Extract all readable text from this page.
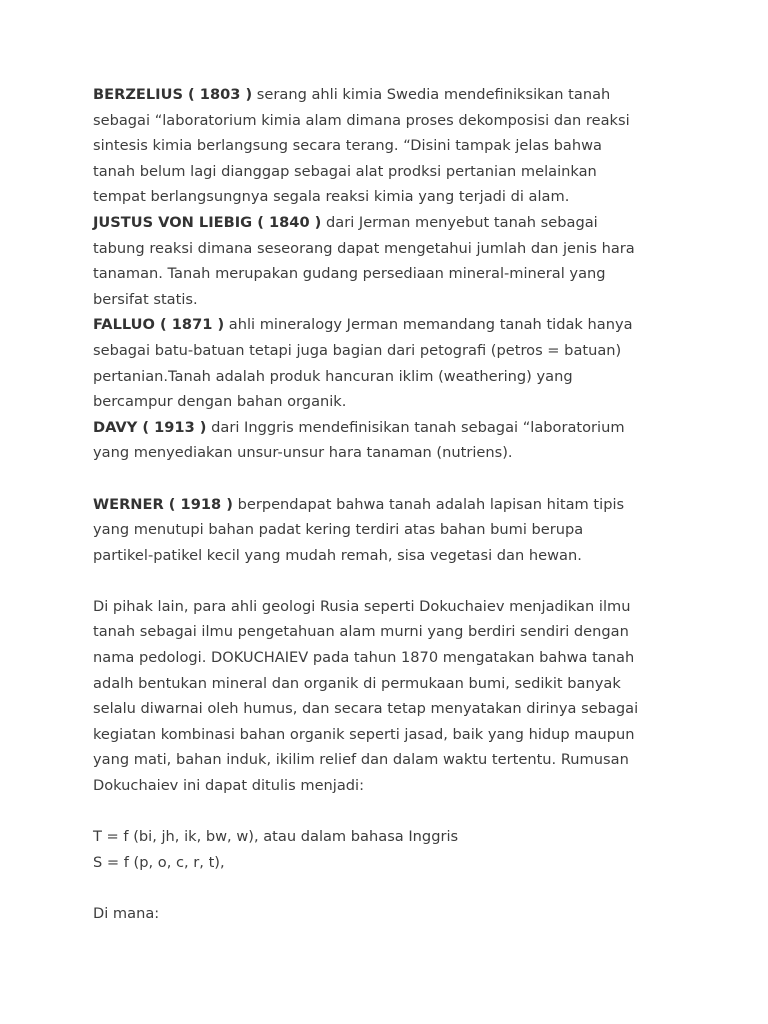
BERZELIUS ( 1803 ) serang ahli kimia Swedia mendefiniksikan tanah
sebagai “laboratorium kimia alam dimana proses dekomposisi dan reaksi
sintesis kimia berlangsung secara terang. “Disini tampak jelas bahwa
tanah belum lagi dianggap sebagai alat prodksi pertanian melainkan
tempat berlangsungnya segala reaksi kimia yang terjadi di alam.
JUSTUS VON LIEBIG ( 1840 ) dari Jerman menyebut tanah sebagai
tabung reaksi dimana seseorang dapat mengetahui jumlah dan jenis hara
tanaman. Tanah merupakan gudang persediaan mineral-mineral yang
bersifat statis.
FALLUO ( 1871 ) ahli mineralogy Jerman memandang tanah tidak hanya
sebagai batu-batuan tetapi juga bagian dari petografi (petros = batuan)
pertanian.Tanah adalah produk hancuran iklim (weathering) yang
bercampur dengan bahan organik.
DAVY ( 1913 ) dari Inggris mendefinisikan tanah sebagai “laboratorium
yang menyediakan unsur-unsur hara tanaman (nutriens).
WERNER ( 1918 ) berpendapat bahwa tanah adalah lapisan hitam tipis
yang menutupi bahan padat kering terdiri atas bahan bumi berupa
partikel-patikel kecil yang mudah remah, sisa vegetasi dan hewan.
Di pihak lain, para ahli geologi Rusia seperti Dokuchaiev menjadikan ilmu
tanah sebagai ilmu pengetahuan alam murni yang berdiri sendiri dengan
nama pedologi. DOKUCHAIEV pada tahun 1870 mengatakan bahwa tanah
adalh bentukan mineral dan organik di permukaan bumi, sedikit banyak
selalu diwarnai oleh humus, dan secara tetap menyatakan dirinya sebagai
kegiatan kombinasi bahan organik seperti jasad, baik yang hidup maupun
yang mati, bahan induk, ikilim relief dan dalam waktu tertentu. Rumusan
Dokuchaiev ini dapat ditulis menjadi:
T = f (bi, jh, ik, bw, w), atau dalam bahasa Inggris
S = f (p, o, c, r, t),
Di mana:
